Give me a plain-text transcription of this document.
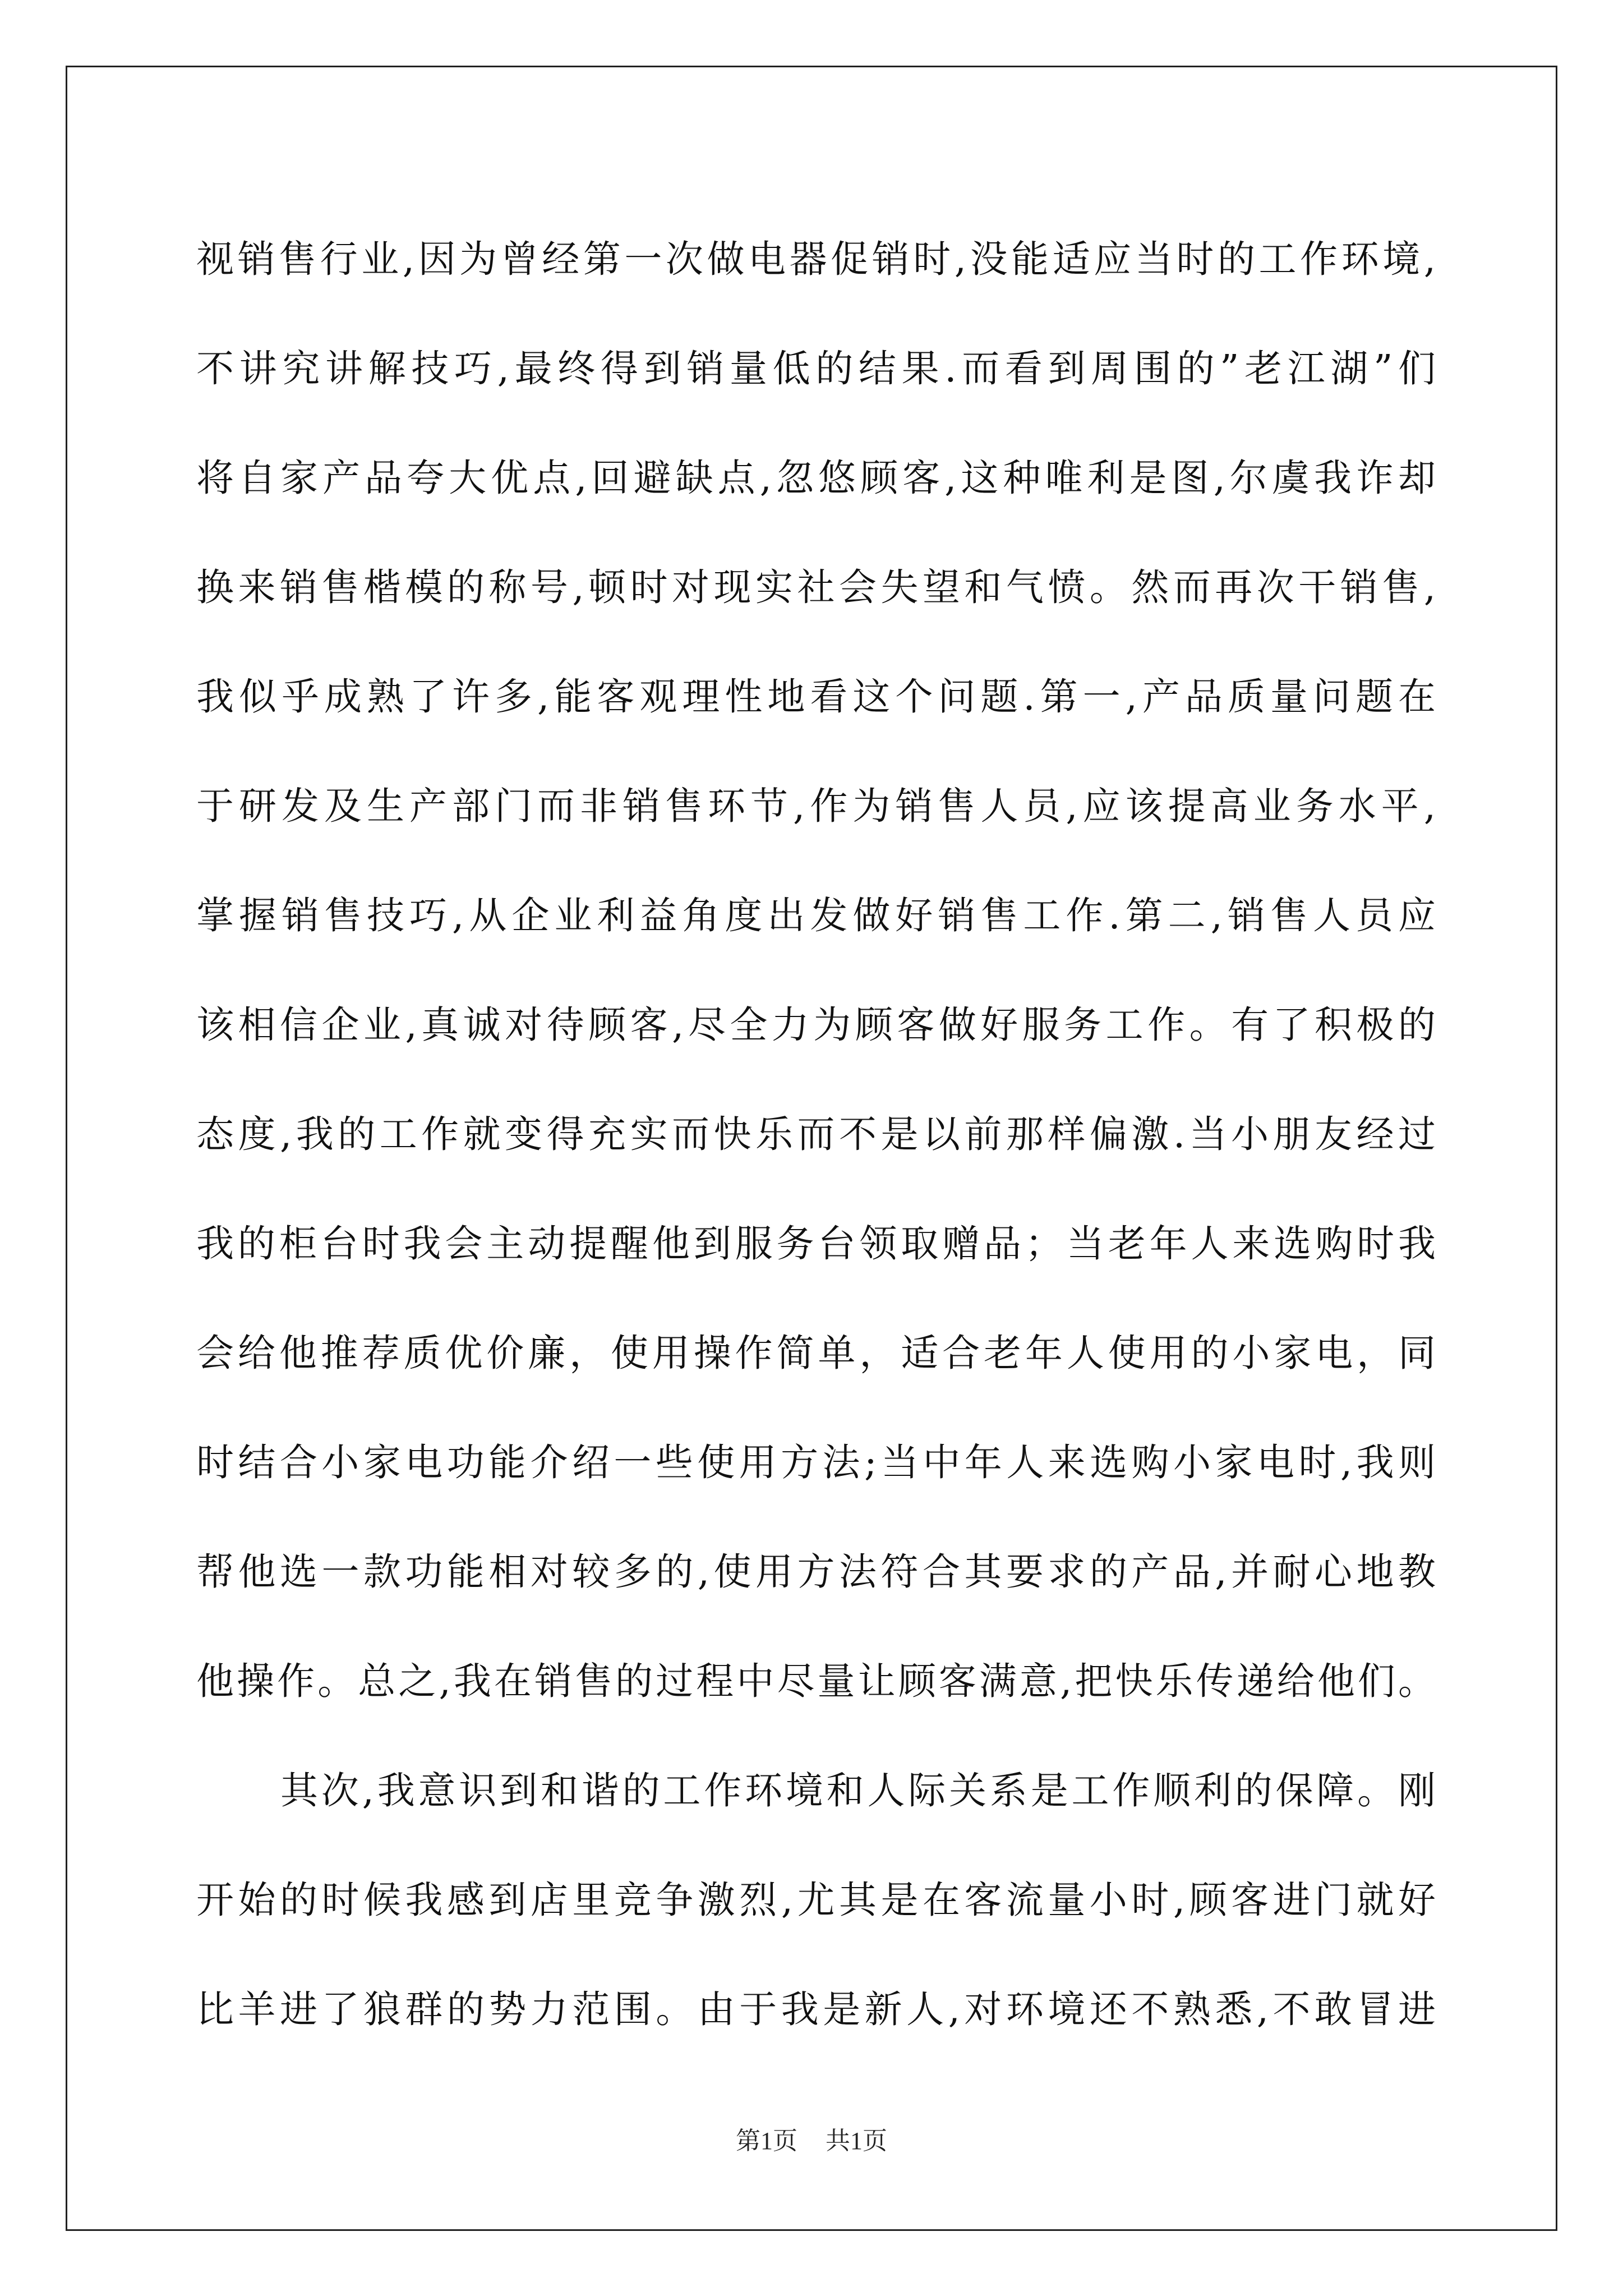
视销售行业,因为曾经第一次做电器促销时,没能适应当时的工作环境,
不讲究讲解技巧,最终得到销量低的结果.而看到周围的”老江湖”们
将自家产品夸大优点,回避缺点,忽悠顾客,这种唯利是图,尔虞我诈却
换来销售楷模的称号,顿时对现实社会失望和气愤。然而再次干销售,
我似乎成熟了许多,能客观理性地看这个问题.第一,产品质量问题在
于研发及生产部门而非销售环节,作为销售人员,应该提高业务水平,
掌握销售技巧,从企业利益角度出发做好销售工作.第二,销售人员应
该相信企业,真诚对待顾客,尽全力为顾客做好服务工作。有了积极的
态度,我的工作就变得充实而快乐而不是以前那样偏激.当小朋友经过
我的柜台时我会主动提醒他到服务台领取赠品；当老年人来选购时我
会给他推荐质优价廉，使用操作简单，适合老年人使用的小家电，同
时结合小家电功能介绍一些使用方法;当中年人来选购小家电时,我则
帮他选一款功能相对较多的,使用方法符合其要求的产品,并耐心地教
他操作。总之,我在销售的过程中尽量让顾客满意,把快乐传递给他们。
其次,我意识到和谐的工作环境和人际关系是工作顺利的保障。刚
开始的时候我感到店里竞争激烈,尤其是在客流量小时,顾客进门就好
比羊进了狼群的势力范围。由于我是新人,对环境还不熟悉,不敢冒进
第1页 共1页
